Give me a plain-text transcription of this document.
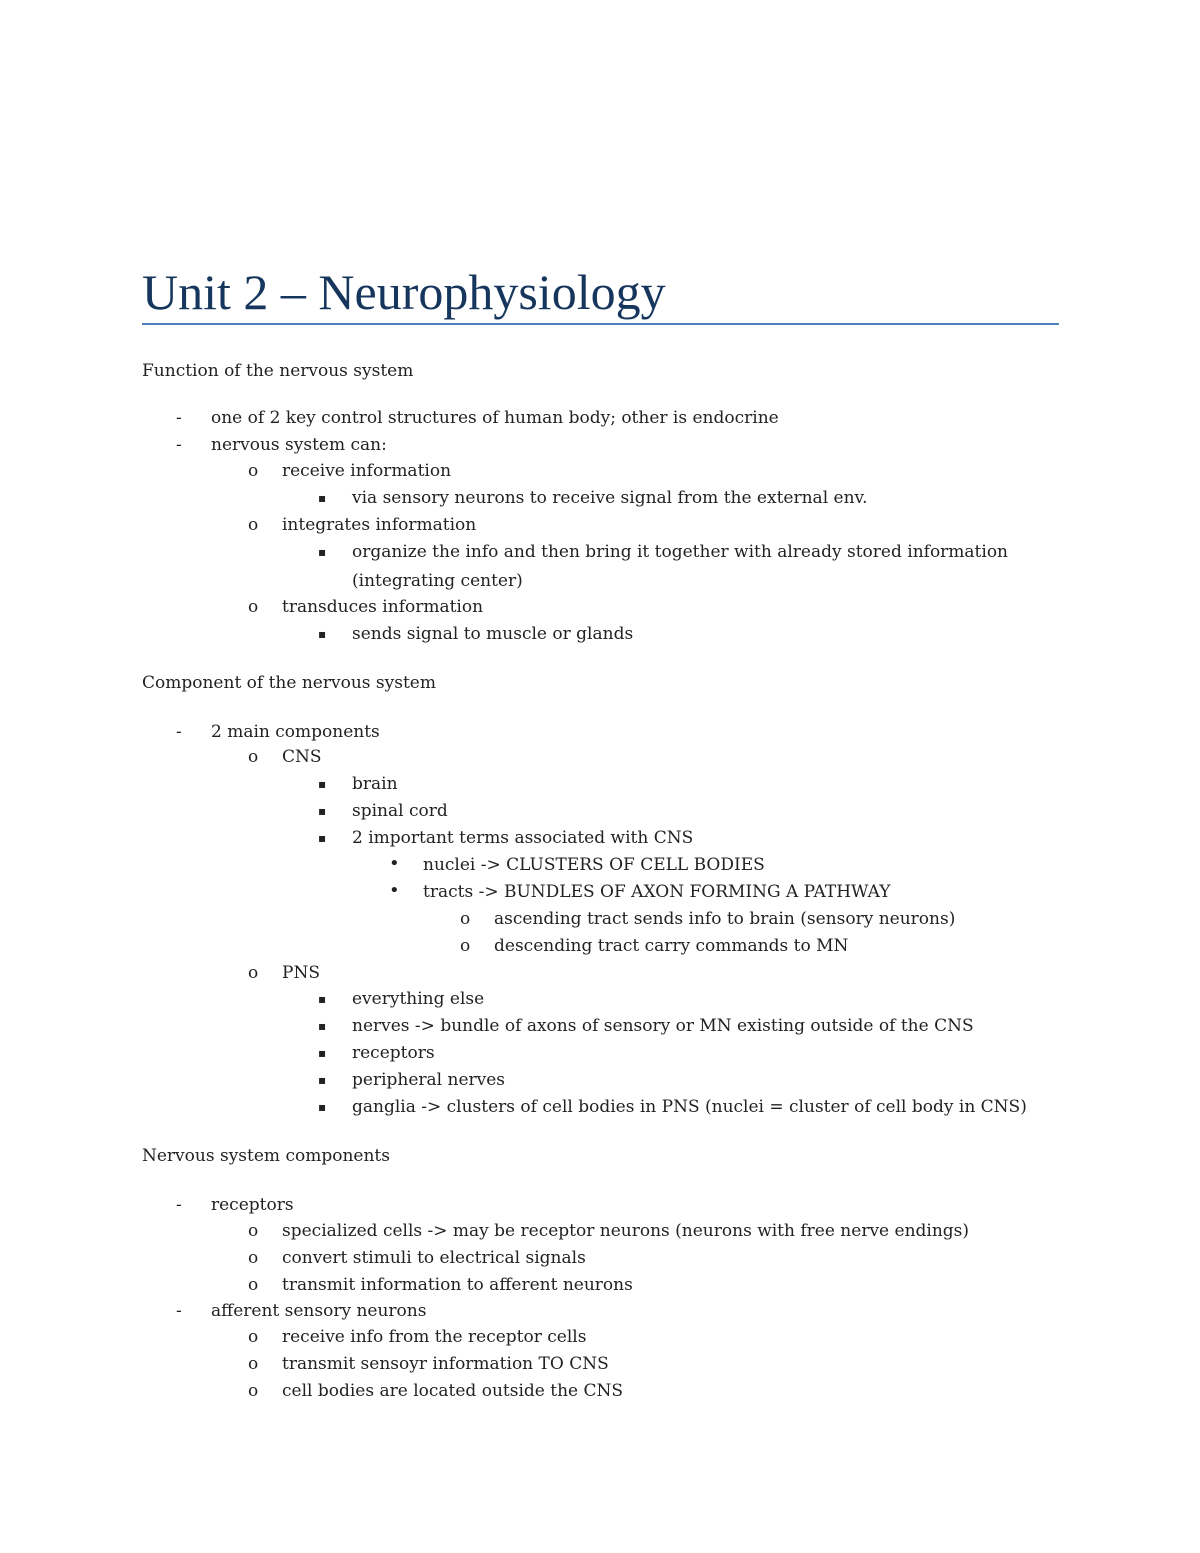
Unit 2 – Neurophysiology
Function of the nervous system
- one of 2 key control structures of human body; other is endocrine
- nervous system can:
o receive information
▪ via sensory neurons to receive signal from the external env.
o integrates information
▪ organize the info and then bring it together with already stored information
(integrating center)
o transduces information
▪ sends signal to muscle or glands
Component of the nervous system
- 2 main components
o CNS
▪ brain
▪ spinal cord
▪ 2 important terms associated with CNS
• nuclei -> CLUSTERS OF CELL BODIES
• tracts -> BUNDLES OF AXON FORMING A PATHWAY
o ascending tract sends info to brain (sensory neurons)
o descending tract carry commands to MN
o PNS
▪ everything else
▪ nerves -> bundle of axons of sensory or MN existing outside of the CNS
▪ receptors
▪ peripheral nerves
▪ ganglia -> clusters of cell bodies in PNS (nuclei = cluster of cell body in CNS)
Nervous system components
- receptors
o specialized cells -> may be receptor neurons (neurons with free nerve endings)
o convert stimuli to electrical signals
o transmit information to afferent neurons
- afferent sensory neurons
o receive info from the receptor cells
o transmit sensoyr information TO CNS
o cell bodies are located outside the CNS
